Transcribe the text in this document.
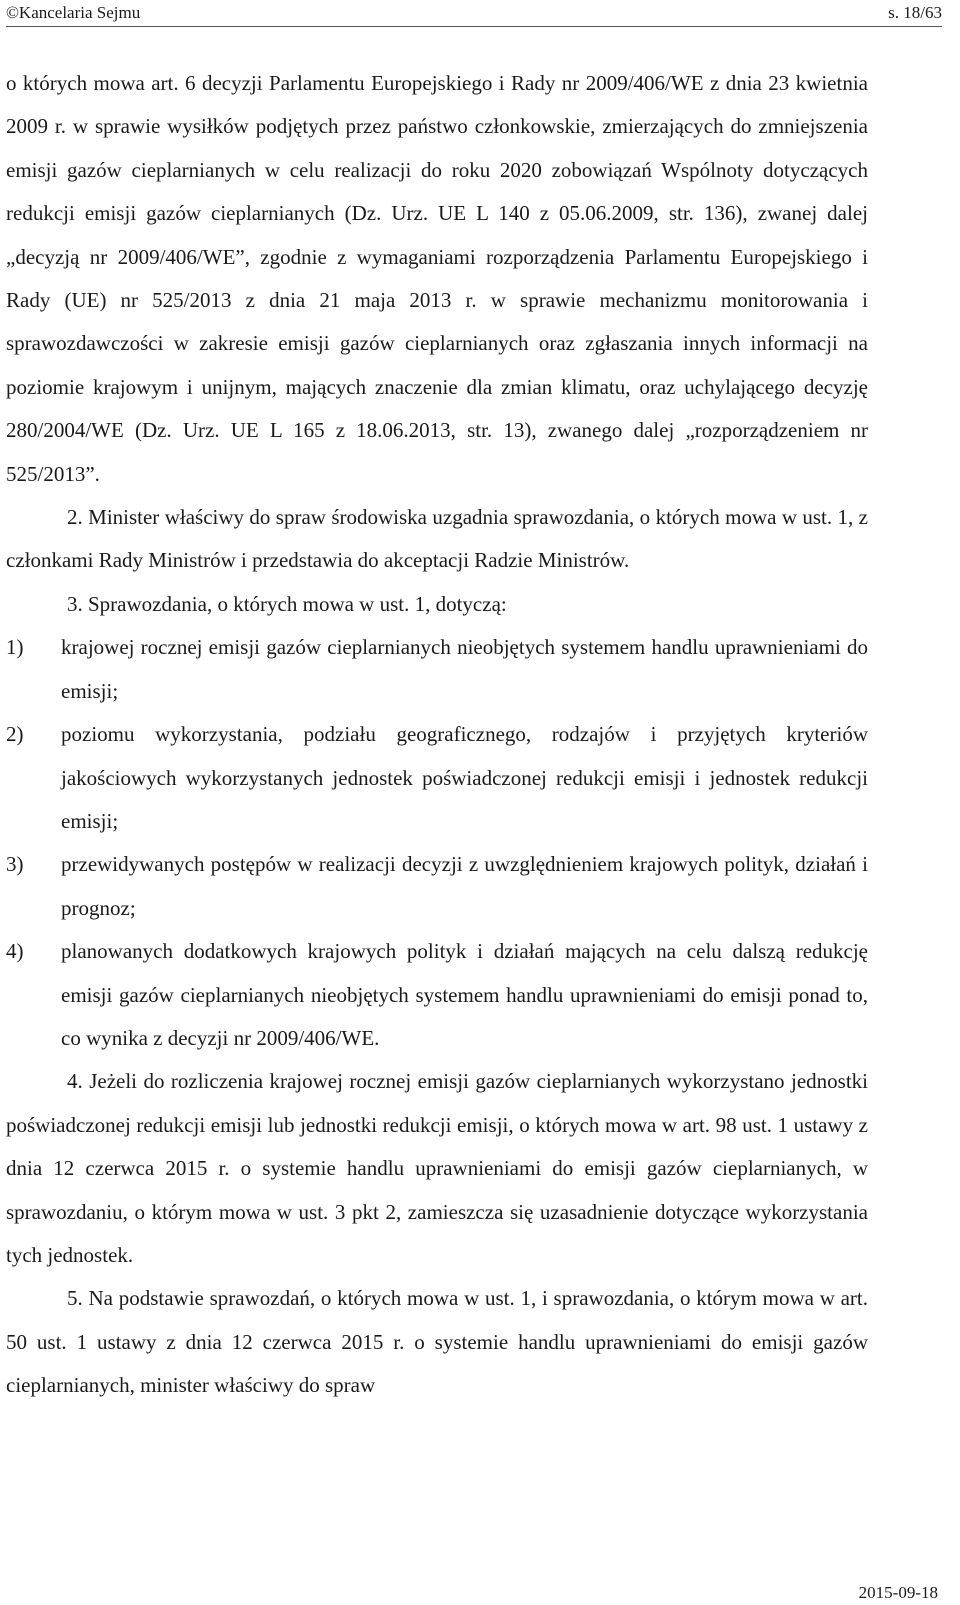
©Kancelaria Sejmu	s. 18/63

o których mowa art. 6 decyzji Parlamentu Europejskiego i Rady nr 2009/406/WE z dnia 23 kwietnia 2009 r. w sprawie wysiłków podjętych przez państwo członkowskie, zmierzających do zmniejszenia emisji gazów cieplarnianych w celu realizacji do roku 2020 zobowiązań Wspólnoty dotyczących redukcji emisji gazów cieplarnianych (Dz. Urz. UE L 140 z 05.06.2009, str. 136), zwanej dalej „decyzją nr 2009/406/WE”, zgodnie z wymaganiami rozporządzenia Parlamentu Europejskiego i Rady (UE) nr 525/2013 z dnia 21 maja 2013 r. w sprawie mechanizmu monitorowania i sprawozdawczości w zakresie emisji gazów cieplarnianych oraz zgłaszania innych informacji na poziomie krajowym i unijnym, mających znaczenie dla zmian klimatu, oraz uchylającego decyzję 280/2004/WE (Dz. Urz. UE L 165 z 18.06.2013, str. 13), zwanego dalej „rozporządzeniem nr 525/2013”.

2. Minister właściwy do spraw środowiska uzgadnia sprawozdania, o których mowa w ust. 1, z członkami Rady Ministrów i przedstawia do akceptacji Radzie Ministrów.

3. Sprawozdania, o których mowa w ust. 1, dotyczą:

1) krajowej rocznej emisji gazów cieplarnianych nieobjętych systemem handlu uprawnieniami do emisji;
2) poziomu wykorzystania, podziału geograficznego, rodzajów i przyjętych kryteriów jakościowych wykorzystanych jednostek poświadczonej redukcji emisji i jednostek redukcji emisji;
3) przewidywanych postępów w realizacji decyzji z uwzględnieniem krajowych polityk, działań i prognoz;
4) planowanych dodatkowych krajowych polityk i działań mających na celu dalszą redukcję emisji gazów cieplarnianych nieobjętych systemem handlu uprawnieniami do emisji ponad to, co wynika z decyzji nr 2009/406/WE.

4. Jeżeli do rozliczenia krajowej rocznej emisji gazów cieplarnianych wykorzystano jednostki poświadczonej redukcji emisji lub jednostki redukcji emisji, o których mowa w art. 98 ust. 1 ustawy z dnia 12 czerwca 2015 r. o systemie handlu uprawnieniami do emisji gazów cieplarnianych, w sprawozdaniu, o którym mowa w ust. 3 pkt 2, zamieszcza się uzasadnienie dotyczące wykorzystania tych jednostek.

5. Na podstawie sprawozdań, o których mowa w ust. 1, i sprawozdania, o którym mowa w art. 50 ust. 1 ustawy z dnia 12 czerwca 2015 r. o systemie handlu uprawnieniami do emisji gazów cieplarnianych, minister właściwy do spraw

2015-09-18
